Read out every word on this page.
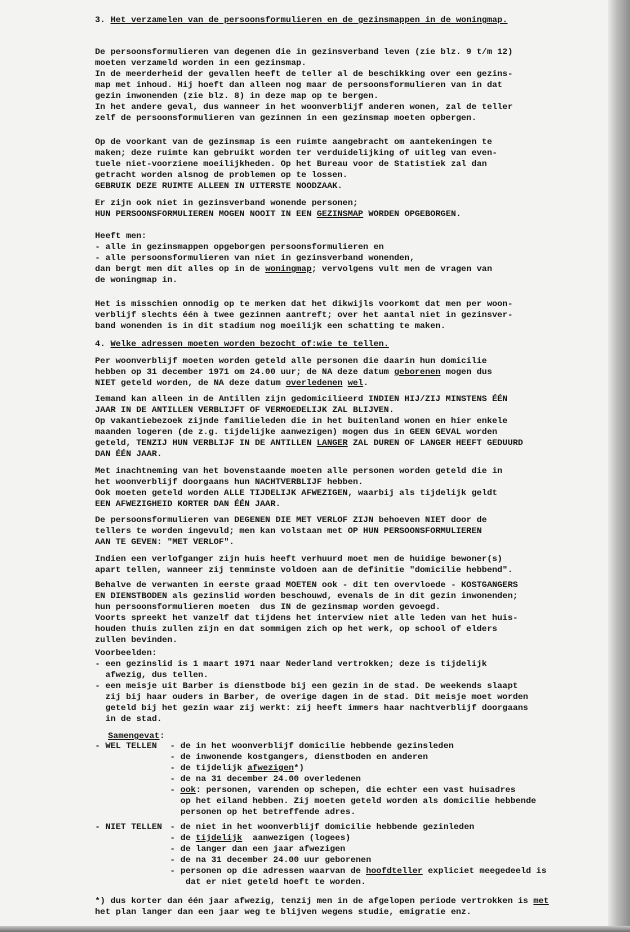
3. Het verzamelen van de persoonsformulieren en de gezinsmappen in de woningmap.
De persoonsformulieren van degenen die in gezinsverband leven (zie blz. 9 t/m 12)
moeten verzameld worden in een gezinsmap.
In de meerderheid der gevallen heeft de teller al de beschikking over een gezins-
map met inhoud. Hij hoeft dan alleen nog maar de persoonsformulieren van in dat
gezin inwonenden (zie blz. 8) in deze map op te bergen.
In het andere geval, dus wanneer in het woonverblijf anderen wonen, zal de teller
zelf de persoonsformulieren van gezinnen in een gezinsmap moeten opbergen.
Op de voorkant van de gezinsmap is een ruimte aangebracht om aantekeningen te
maken; deze ruimte kan gebruikt worden ter verduidelijking of uitleg van even-
tuele niet-voorziene moeilijkheden. Op het Bureau voor de Statistiek zal dan
getracht worden alsnog de problemen op te lossen.
GEBRUIK DEZE RUIMTE ALLEEN IN UITERSTE NOODZAAK.
Er zijn ook niet in gezinsverband wonende personen;
HUN PERSOONSFORMULIEREN MOGEN NOOIT IN EEN GEZINSMAP WORDEN OPGEBORGEN.
Heeft men:
- alle in gezinsmappen opgeborgen persoonsformulieren en
- alle persoonsformulieren van niet in gezinsverband wonenden,
dan bergt men dit alles op in de woningmap; vervolgens vult men de vragen van
de woningmap in.
Het is misschien onnodig op te merken dat het dikwijls voorkomt dat men per woon-
verblijf slechts één à twee gezinnen aantreft; over het aantal niet in gezinsver-
band wonenden is in dit stadium nog moeilijk een schatting te maken.
4. Welke adressen moeten worden bezocht of:wie te tellen.
Per woonverblijf moeten worden geteld alle personen die daarin hun domicilie
hebben op 31 december 1971 om 24.00 uur; de NA deze datum geborenen mogen dus
NIET geteld worden, de NA deze datum overledenen wel.
Iemand kan alleen in de Antillen zijn gedomicilieerd INDIEN HIJ/ZIJ MINSTENS ÉÉN
JAAR IN DE ANTILLEN VERBLIJFT OF VERMOEDELIJK ZAL BLIJVEN.
Op vakantiebezoek zijnde familieleden die in het buitenland wonen en hier enkele
maanden logeren (de z.g. tijdelijke aanwezigen) mogen dus in GEEN GEVAL worden
geteld, TENZIJ HUN VERBLIJF IN DE ANTILLEN LANGER ZAL DUREN OF LANGER HEEFT GEDUURD
DAN ÉÉN JAAR.
Met inachtneming van het bovenstaande moeten alle personen worden geteld die in
het woonverblijf doorgaans hun NACHTVERBLIJF hebben.
Ook moeten geteld worden ALLE TIJDELIJK AFWEZIGEN, waarbij als tijdelijk geldt
EEN AFWEZIGHEID KORTER DAN ÉÉN JAAR.
De persoonsformulieren van DEGENEN DIE MET VERLOF ZIJN behoeven NIET door de
tellers te worden ingevuld; men kan volstaan met OP HUN PERSOONSFORMULIEREN
AAN TE GEVEN: "MET VERLOF".
Indien een verlofganger zijn huis heeft verhuurd moet men de huidige bewoner(s)
apart tellen, wanneer zij tenminste voldoen aan de definitie "domicilie hebbend".
Behalve de verwanten in eerste graad MOETEN ook - dit ten overvloede - KOSTGANGERS
EN DIENSTBODEN als gezinslid worden beschouwd, evenals de in dit gezin inwonenden;
hun persoonsformulieren moeten  dus IN de gezinsmap worden gevoegd.
Voorts spreekt het vanzelf dat tijdens het interview niet alle leden van het huis-
houden thuis zullen zijn en dat sommigen zich op het werk, op school of elders
zullen bevinden.
Voorbeelden:
- een gezinslid is 1 maart 1971 naar Nederland vertrokken; deze is tijdelijk
afwezig, dus tellen.
- een meisje uit Barber is dienstbode bij een gezin in de stad. De weekends slaapt
zij bij haar ouders in Barber, de overige dagen in de stad. Dit meisje moet worden
geteld bij het gezin waar zij werkt: zij heeft immers haar nachtverblijf doorgaans
in de stad.
Samengevat:
- WEL TELLEN - de in het woonverblijf domicilie hebbende gezinsleden
- de inwonende kostgangers, dienstboden en anderen
- de tijdelijk afwezigen*)
- de na 31 december 24.00 overledenen
- ook: personen, varenden op schepen, die echter een vast huisadres
op het eiland hebben. Zij moeten geteld worden als domicilie hebbende
personen op het betreffende adres.
- NIET TELLEN - de niet in het woonverblijf domicilie hebbende gezinleden
- de tijdelijk  aanwezigen (logees)
- de langer dan een jaar afwezigen
- de na 31 december 24.00 uur geborenen
- personen op die adressen waarvan de hoofdteller expliciet meegedeeld is
dat er niet geteld hoeft te worden.
*) dus korter dan één jaar afwezig, tenzij men in de afgelopen periode vertrokken is met
het plan langer dan een jaar weg te blijven wegens studie, emigratie enz.
